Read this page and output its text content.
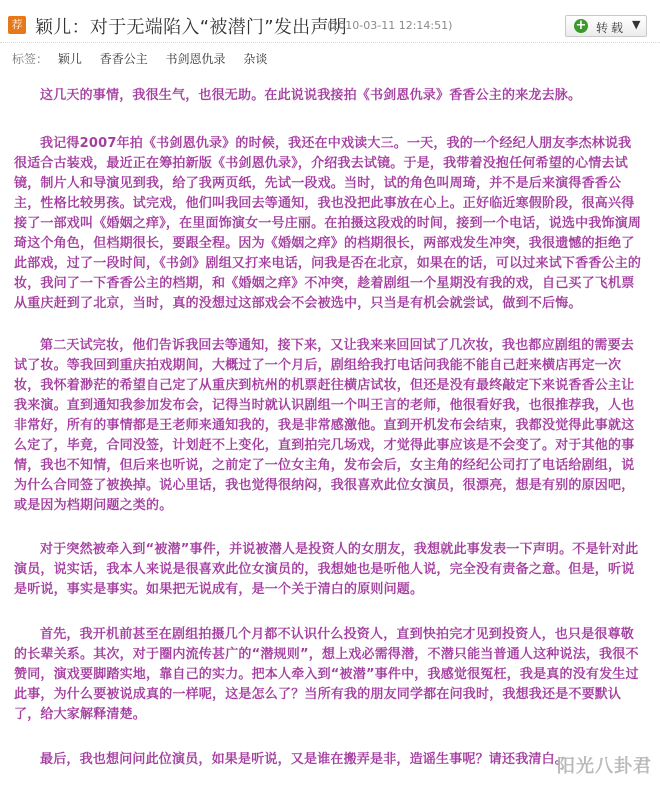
荐 颖儿：对于无端陷入“被潜门”发出声明
(2010-03-11 12:14:51)	+ 转载 ▼
标签： 颖儿 香香公主 书剑恩仇录 杂谈

这几天的事情，我很生气，也很无助。在此说说我接拍《书剑恩仇录》香香公主的来龙去脉。

我记得2007年拍《书剑恩仇录》的时候，我还在中戏读大三。一天，我的一个经纪人朋友李杰林说我很适合古装戏，最近正在筹拍新版《书剑恩仇录》，介绍我去试镜。于是，我带着没抱任何希望的心情去试镜，制片人和导演见到我，给了我两页纸，先试一段戏。当时，试的角色叫周琦，并不是后来演得香香公主，性格比较男孩。试完戏，他们叫我回去等通知，我也没把此事放在心上。正好临近寒假阶段，很高兴得接了一部戏叫《婚姻之痒》，在里面饰演女一号庄丽。在拍摄这段戏的时间，接到一个电话，说选中我饰演周琦这个角色，但档期很长，要跟全程。因为《婚姻之痒》的档期很长，两部戏发生冲突，我很遗憾的拒绝了此部戏，过了一段时间，《书剑》剧组又打来电话，问我是否在北京，如果在的话，可以过来试下香香公主的妆，我问了一下香香公主的档期，和《婚姻之痒》不冲突，趁着剧组一个星期没有我的戏，自己买了飞机票从重庆赶到了北京，当时，真的没想过这部戏会不会被选中，只当是有机会就尝试，做到不后悔。

第二天试完妆，他们告诉我回去等通知，接下来，又让我来来回回试了几次妆，我也都应剧组的需要去试了妆。等我回到重庆拍戏期间，大概过了一个月后，剧组给我打电话问我能不能自己赶来横店再定一次妆，我怀着渺茫的希望自己定了从重庆到杭州的机票赶往横店试妆，但还是没有最终敲定下来说香香公主让我来演。直到通知我参加发布会，记得当时就认识剧组一个叫王言的老师，他很看好我，也很推荐我，人也非常好，所有的事情都是王老师来通知我的，我是非常感激他。直到开机发布会结束，我都没觉得此事就这么定了，毕竟，合同没签，计划赶不上变化，直到拍完几场戏，才觉得此事应该是不会变了。对于其他的事情，我也不知情，但后来也听说，之前定了一位女主角，发布会后，女主角的经纪公司打了电话给剧组，说为什么合同签了被换掉。说心里话，我也觉得很纳闷，我很喜欢此位女演员，很漂亮，想是有别的原因吧，或是因为档期问题之类的。

对于突然被牵入到“被潜”事件，并说被潜人是投资人的女朋友，我想就此事发表一下声明。不是针对此演员，说实话，我本人来说是很喜欢此位女演员的，我想她也是听他人说，完全没有责备之意。但是，听说是听说，事实是事实。如果把无说成有，是一个关于清白的原则问题。

首先，我开机前甚至在剧组拍摄几个月都不认识什么投资人，直到快拍完才见到投资人，也只是很尊敬的长辈关系。其次，对于圈内流传甚广的“潜规则”，想上戏必需得潜，不潜只能当普通人这种说法，我很不赞同，演戏要脚踏实地，靠自己的实力。把本人牵入到“被潜”事件中，我感觉很冤枉，我是真的没有发生过此事，为什么要被说成真的一样呢，这是怎么了？当所有我的朋友同学都在问我时，我想我还是不要默认了，给大家解释清楚。

最后，我也想问问此位演员，如果是听说，又是谁在搬弄是非，造谣生事呢？请还我清白。

阳光八卦君
